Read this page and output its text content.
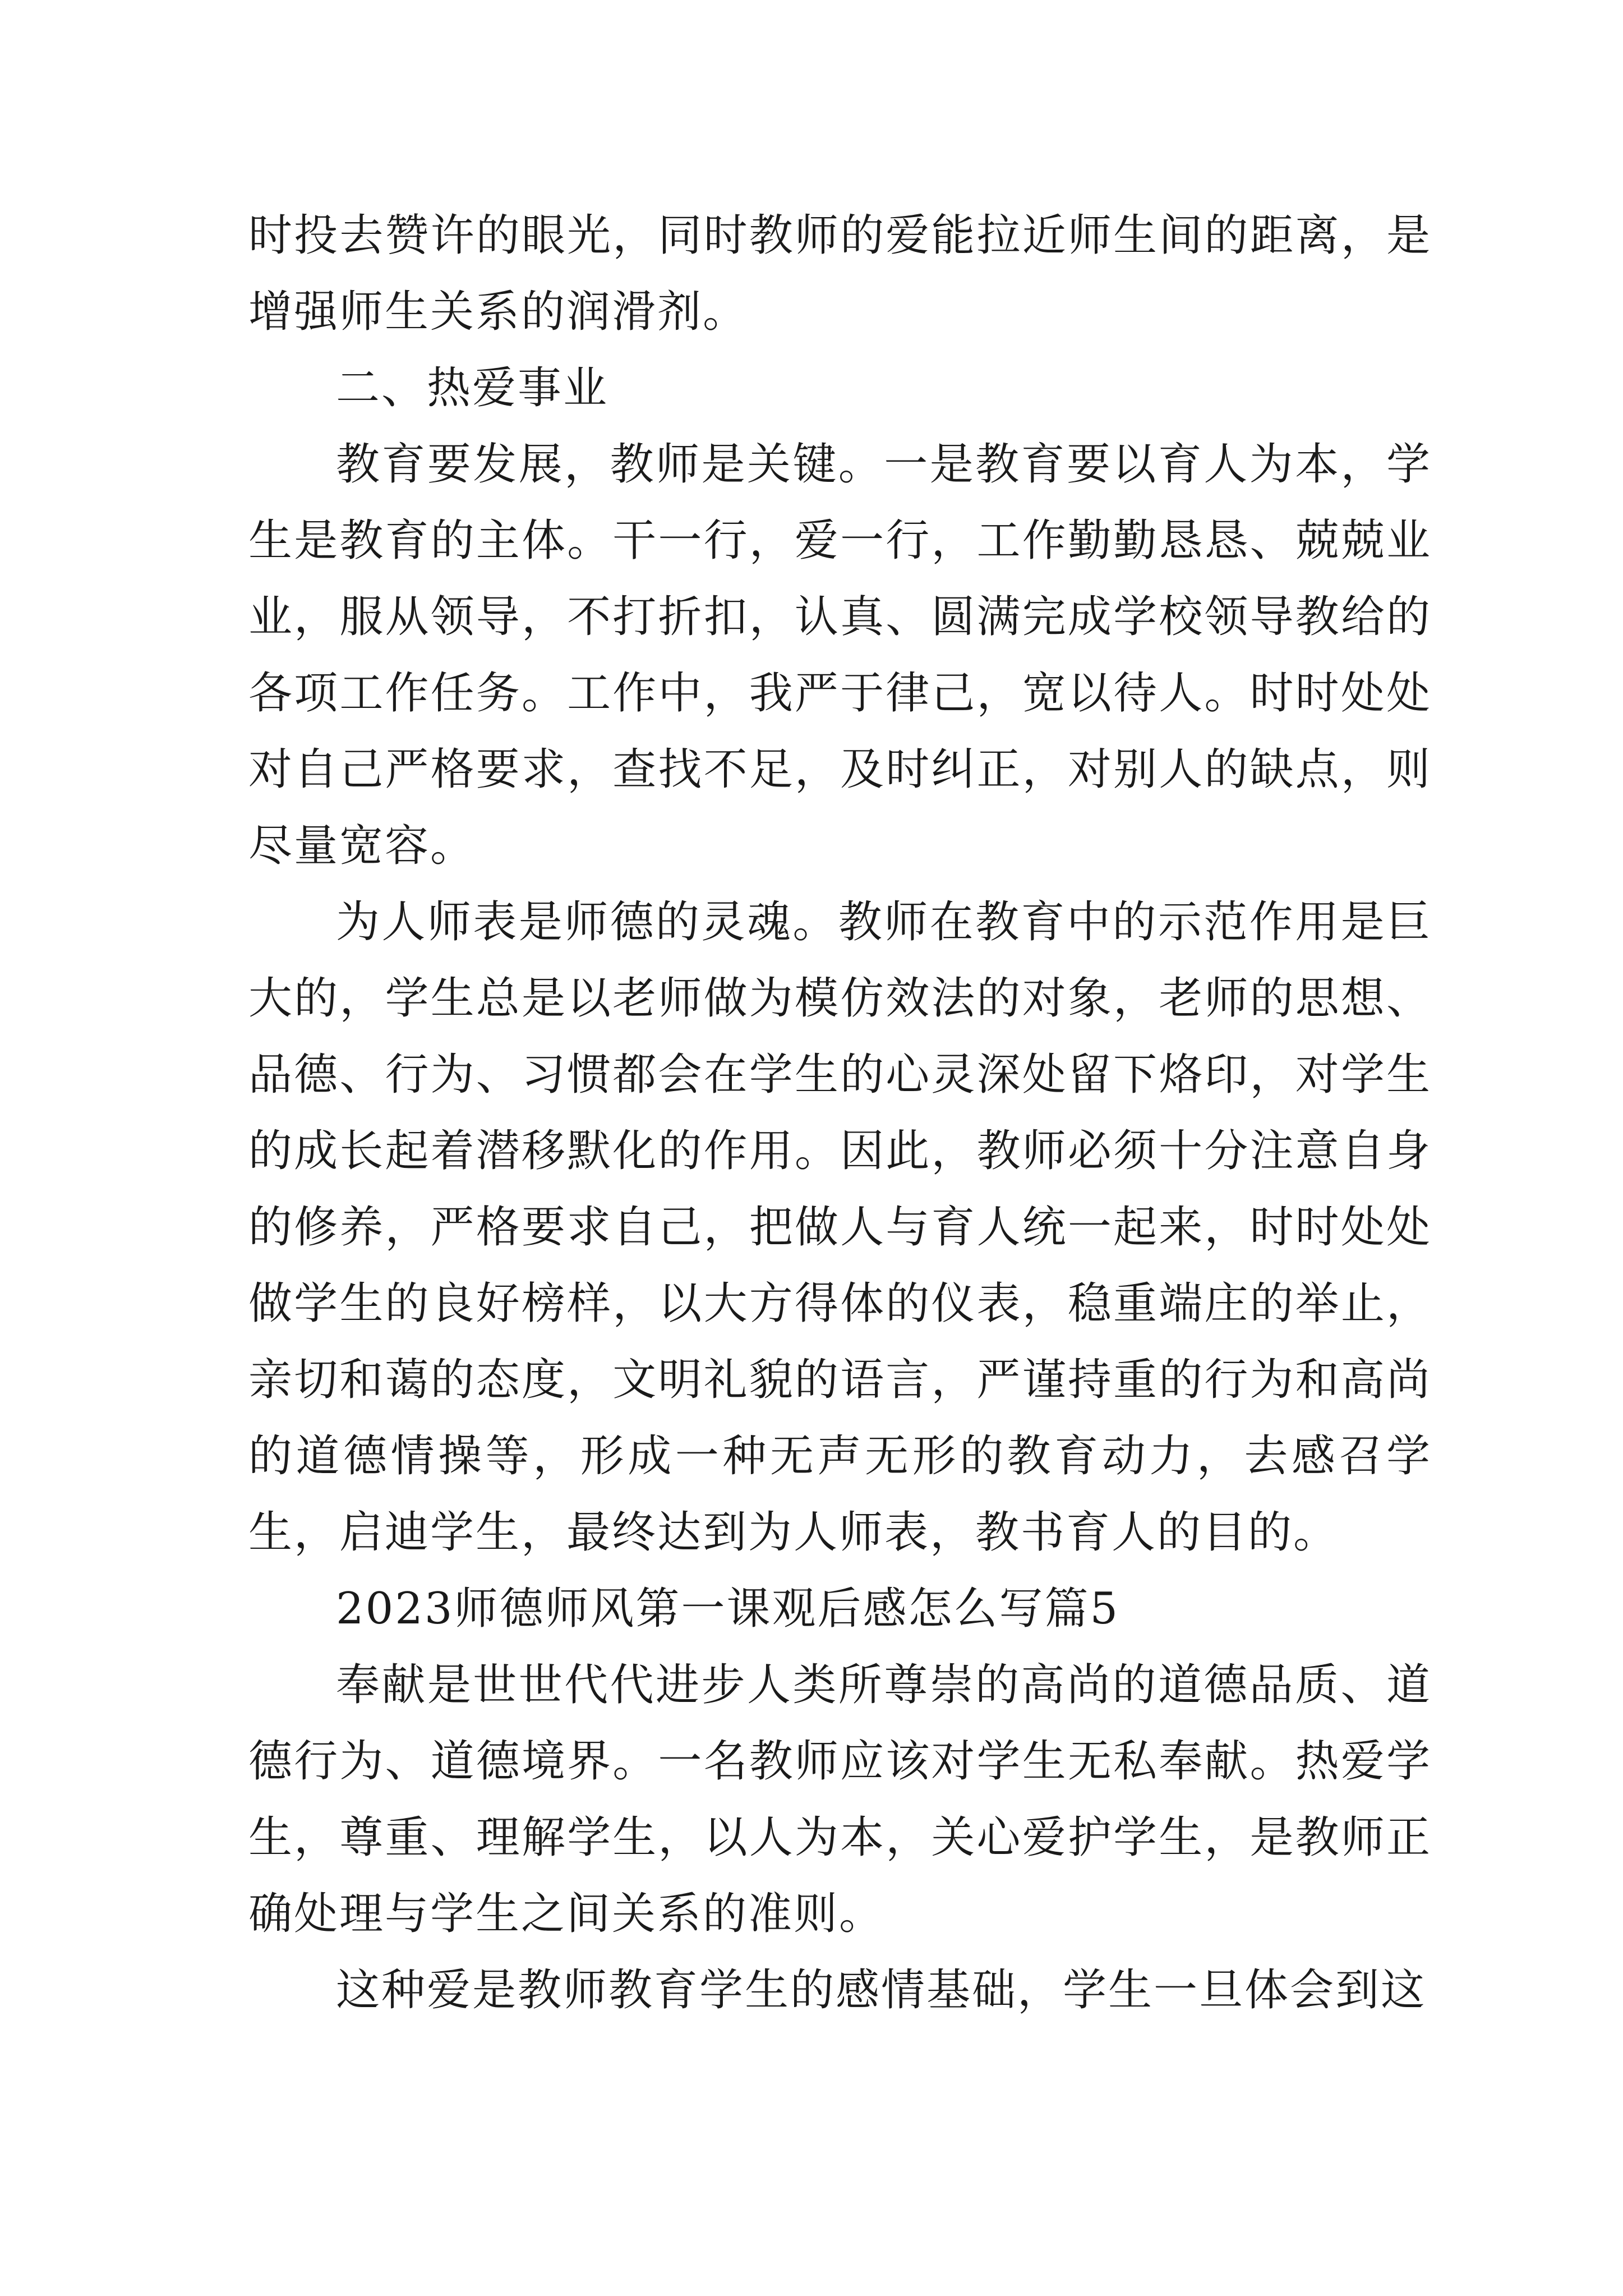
时投去赞许的眼光，同时教师的爱能拉近师生间的距离，是增强师生关系的润滑剂。

二、热爱事业

教育要发展，教师是关键。一是教育要以育人为本，学生是教育的主体。干一行，爱一行，工作勤勤恳恳、兢兢业业，服从领导，不打折扣，认真、圆满完成学校领导教给的各项工作任务。工作中，我严于律己，宽以待人。时时处处对自己严格要求，查找不足，及时纠正，对别人的缺点，则尽量宽容。

为人师表是师德的灵魂。教师在教育中的示范作用是巨大的，学生总是以老师做为模仿效法的对象，老师的思想、品德、行为、习惯都会在学生的心灵深处留下烙印，对学生的成长起着潜移默化的作用。因此，教师必须十分注意自身的修养，严格要求自己，把做人与育人统一起来，时时处处做学生的良好榜样，以大方得体的仪表，稳重端庄的举止，亲切和蔼的态度，文明礼貌的语言，严谨持重的行为和高尚的道德情操等，形成一种无声无形的教育动力，去感召学生，启迪学生，最终达到为人师表，教书育人的目的。

2023师德师风第一课观后感怎么写篇5

奉献是世世代代进步人类所尊崇的高尚的道德品质、道德行为、道德境界。一名教师应该对学生无私奉献。热爱学生，尊重、理解学生，以人为本，关心爱护学生，是教师正确处理与学生之间关系的准则。

这种爱是教师教育学生的感情基础，学生一旦体会到这
